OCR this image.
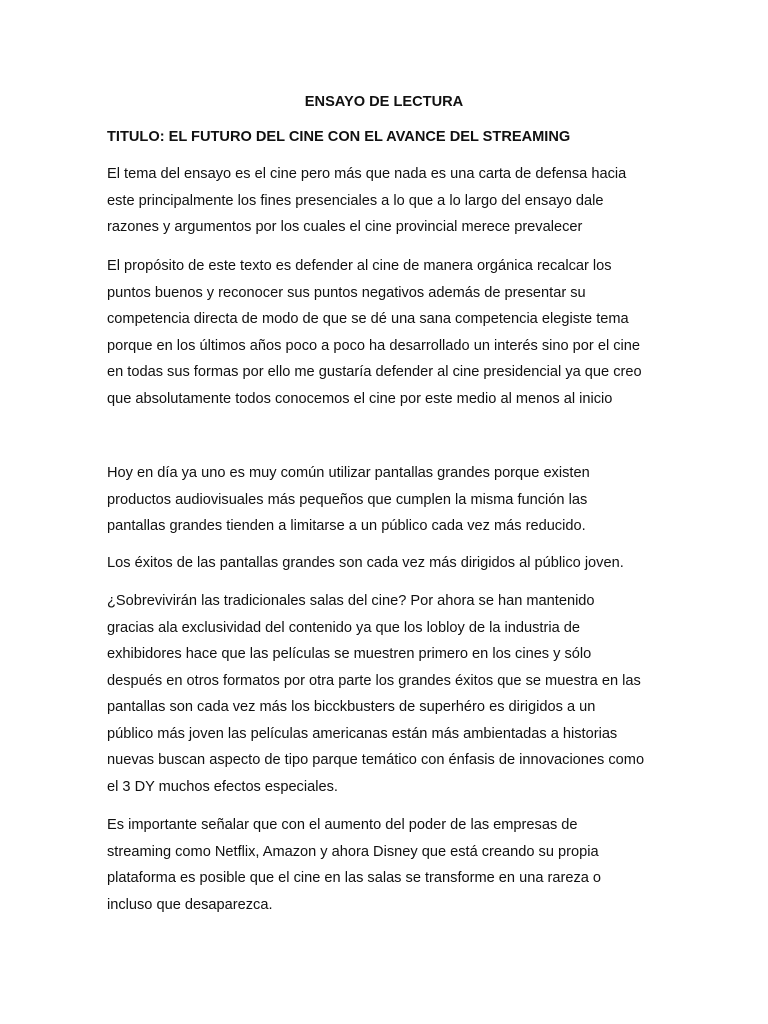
ENSAYO DE LECTURA
TITULO: EL FUTURO DEL CINE CON EL AVANCE DEL STREAMING

El tema del ensayo es el cine pero más que nada es una carta de defensa hacia
este principalmente los fines presenciales a lo que a lo largo del ensayo dale
razones y argumentos por los cuales el cine provincial merece prevalecer

El propósito de este texto es defender al cine de manera orgánica recalcar los
puntos buenos y reconocer sus puntos negativos además de presentar su
competencia directa de modo de que se dé una sana competencia elegiste tema
porque en los últimos años poco a poco ha desarrollado un interés sino por el cine
en todas sus formas por ello me gustaría defender al cine presidencial ya que creo
que absolutamente todos conocemos el cine por este medio al menos al inicio

Hoy en día ya uno es muy común utilizar pantallas grandes porque existen
productos audiovisuales más pequeños que cumplen la misma función las
pantallas grandes tienden a limitarse a un público cada vez más reducido.

Los éxitos de las pantallas grandes son cada vez más dirigidos al público joven.

¿Sobrevivirán las tradicionales salas del cine? Por ahora se han mantenido
gracias ala exclusividad del contenido ya que los lobloy de la industria de
exhibidores hace que las películas se muestren primero en los cines y sólo
después en otros formatos por otra parte los grandes éxitos que se muestra en las
pantallas son cada vez más los bicckbusters de superhéro es dirigidos a un
público más joven las películas americanas están más ambientadas a historias
nuevas buscan aspecto de tipo parque temático con énfasis de innovaciones como
el 3 DY muchos efectos especiales.

Es importante señalar que con el aumento del poder de las empresas de
streaming como Netflix, Amazon y ahora Disney que está creando su propia
plataforma es posible que el cine en las salas se transforme en una rareza o
incluso que desaparezca.
